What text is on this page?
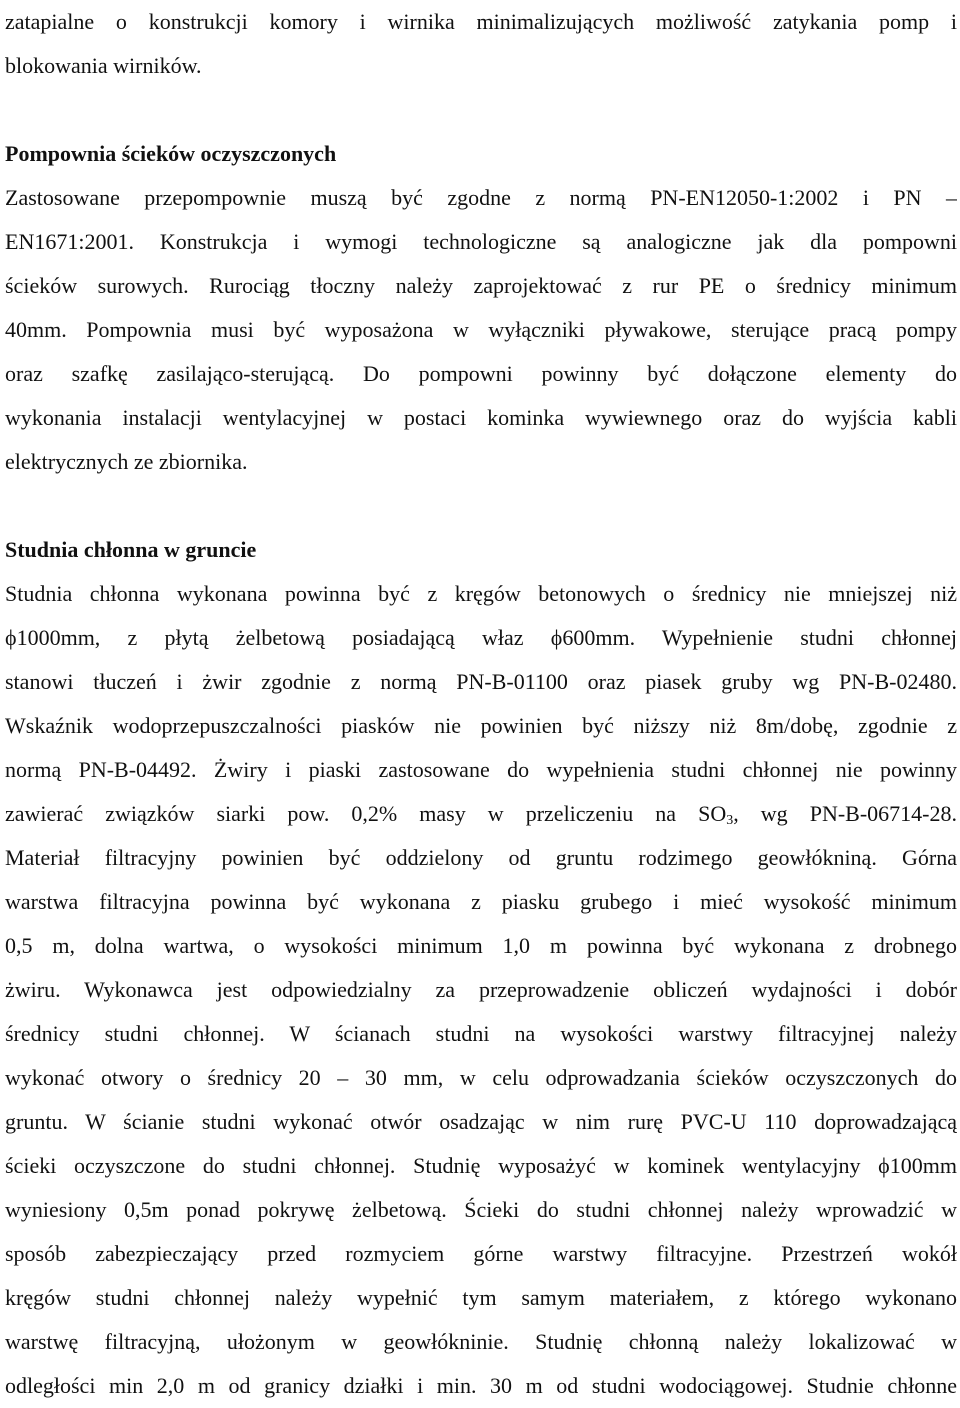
zatapialne o konstrukcji komory i wirnika minimalizujących możliwość zatykania pomp i
blokowania wirników.
Pompownia ścieków oczyszczonych
Zastosowane przepompownie muszą być zgodne z normą PN-EN12050-1:2002 i PN –
EN1671:2001. Konstrukcja i wymogi technologiczne są analogiczne jak dla pompowni
ścieków surowych. Rurociąg tłoczny należy zaprojektować z rur PE o średnicy minimum
40mm. Pompownia musi być wyposażona w wyłączniki pływakowe, sterujące pracą pompy
oraz szafkę zasilająco-sterującą. Do pompowni powinny być dołączone elementy do
wykonania instalacji wentylacyjnej w postaci kominka wywiewnego oraz do wyjścia kabli
elektrycznych ze zbiornika.
Studnia chłonna w gruncie
Studnia chłonna wykonana powinna być z kręgów betonowych o średnicy nie mniejszej niż
ϕ1000mm, z płytą żelbetową posiadającą właz ϕ600mm. Wypełnienie studni chłonnej
stanowi tłuczeń i żwir zgodnie z normą PN-B-01100 oraz piasek gruby wg PN-B-02480.
Wskaźnik wodoprzepuszczalności piasków nie powinien być niższy niż 8m/dobę, zgodnie z
normą PN-B-04492. Żwiry i piaski zastosowane do wypełnienia studni chłonnej nie powinny
zawierać związków siarki pow. 0,2% masy w przeliczeniu na $SO_3$, wg PN-B-06714-28.
Materiał filtracyjny powinien być oddzielony od gruntu rodzimego geowłókniną. Górna
warstwa filtracyjna powinna być wykonana z piasku grubego i mieć wysokość minimum
0,5 m, dolna wartwa, o wysokości minimum 1,0 m powinna być wykonana z drobnego
żwiru. Wykonawca jest odpowiedzialny za przeprowadzenie obliczeń wydajności i dobór
średnicy studni chłonnej. W ścianach studni na wysokości warstwy filtracyjnej należy
wykonać otwory o średnicy 20 – 30 mm, w celu odprowadzania ścieków oczyszczonych do
gruntu. W ścianie studni wykonać otwór osadzając w nim rurę PVC-U 110 doprowadzającą
ścieki oczyszczone do studni chłonnej. Studnię wyposażyć w kominek wentylacyjny ϕ100mm
wyniesiony 0,5m ponad pokrywę żelbetową. Ścieki do studni chłonnej należy wprowadzić w
sposób zabezpieczający przed rozmyciem górne warstwy filtracyjne. Przestrzeń wokół
kręgów studni chłonnej należy wypełnić tym samym materiałem, z którego wykonano
warstwę filtracyjną, ułożonym w geowłókninie. Studnię chłonną należy lokalizować w
odległości min 2,0 m od granicy działki i min. 30 m od studni wodociągowej. Studnie chłonne
